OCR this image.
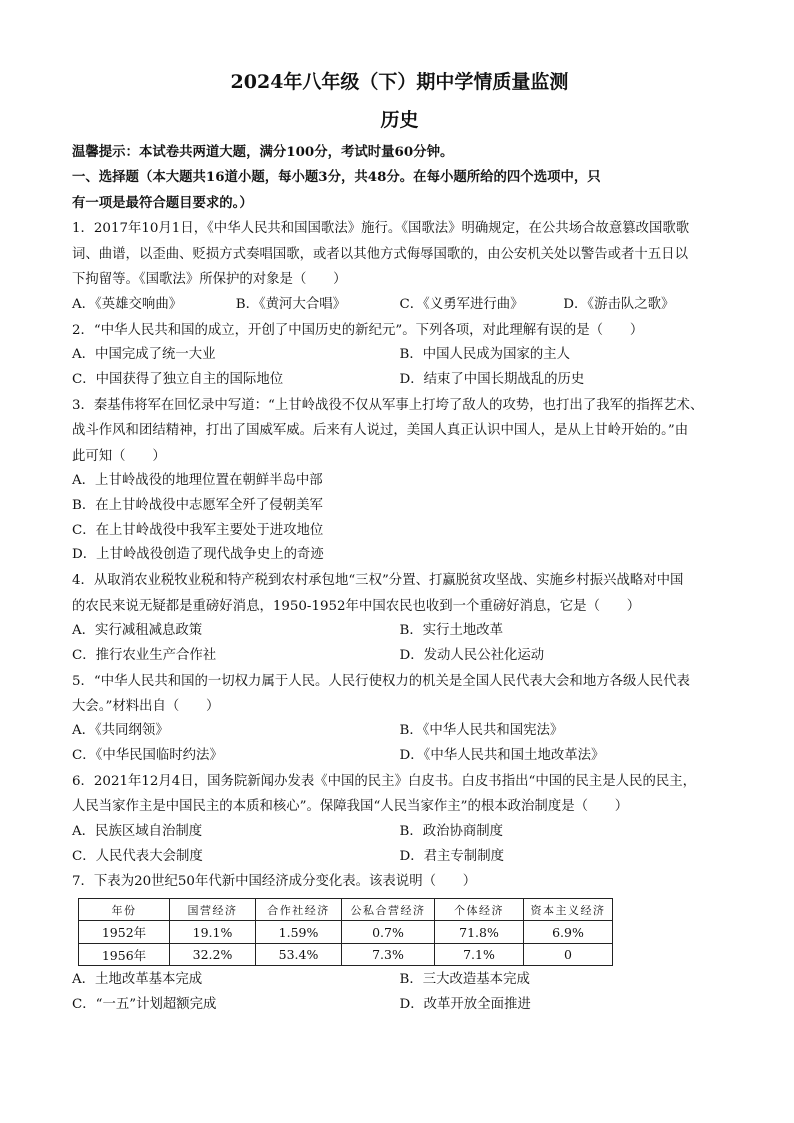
2024年八年级（下）期中学情质量监测
历史
温馨提示：本试卷共两道大题，满分100分，考试时量60分钟。
一、选择题（本大题共16道小题，每小题3分，共48分。在每小题所给的四个选项中，只
有一项是最符合题目要求的。）
1．2017年10月1日，《中华人民共和国国歌法》施行。《国歌法》明确规定，在公共场合故意篡改国歌歌
词、曲谱，以歪曲、贬损方式奏唱国歌，或者以其他方式侮辱国歌的，由公安机关处以警告或者十五日以
下拘留等。《国歌法》所保护的对象是（　　）
A．《英雄交响曲》	B．《黄河大合唱》	C．《义勇军进行曲》	D．《游击队之歌》
2．“中华人民共和国的成立，开创了中国历史的新纪元”。下列各项，对此理解有误的是（　　）
A．中国完成了统一大业	B．中国人民成为国家的主人
C．中国获得了独立自主的国际地位	D．结束了中国长期战乱的历史
3．秦基伟将军在回忆录中写道：“上甘岭战役不仅从军事上打垮了敌人的攻势，也打出了我军的指挥艺术、
战斗作风和团结精神，打出了国威军威。后来有人说过，美国人真正认识中国人，是从上甘岭开始的。”由
此可知（　　）
A．上甘岭战役的地理位置在朝鲜半岛中部
B．在上甘岭战役中志愿军全歼了侵朝美军
C．在上甘岭战役中我军主要处于进攻地位
D．上甘岭战役创造了现代战争史上的奇迹
4．从取消农业税牧业税和特产税到农村承包地“三权”分置、打赢脱贫攻坚战、实施乡村振兴战略对中国
的农民来说无疑都是重磅好消息，1950-1952年中国农民也收到一个重磅好消息，它是（　　）
A．实行减租减息政策	B．实行土地改革
C．推行农业生产合作社	D．发动人民公社化运动
5．“中华人民共和国的一切权力属于人民。人民行使权力的机关是全国人民代表大会和地方各级人民代表
大会。”材料出自（　　）
A．《共同纲领》	B．《中华人民共和国宪法》
C．《中华民国临时约法》	D．《中华人民共和国土地改革法》
6．2021年12月4日，国务院新闻办发表《中国的民主》白皮书。白皮书指出“中国的民主是人民的民主，
人民当家作主是中国民主的本质和核心”。保障我国“人民当家作主”的根本政治制度是（　　）
A．民族区域自治制度	B．政治协商制度
C．人民代表大会制度	D．君主专制制度
7．下表为20世纪50年代新中国经济成分变化表。该表说明（　　）
年份	国营经济	合作社经济	公私合营经济	个体经济	资本主义经济
1952年	19.1%	1.59%	0.7%	71.8%	6.9%
1956年	32.2%	53.4%	7.3%	7.1%	0
A．土地改革基本完成	B．三大改造基本完成
C．“一五”计划超额完成	D．改革开放全面推进
